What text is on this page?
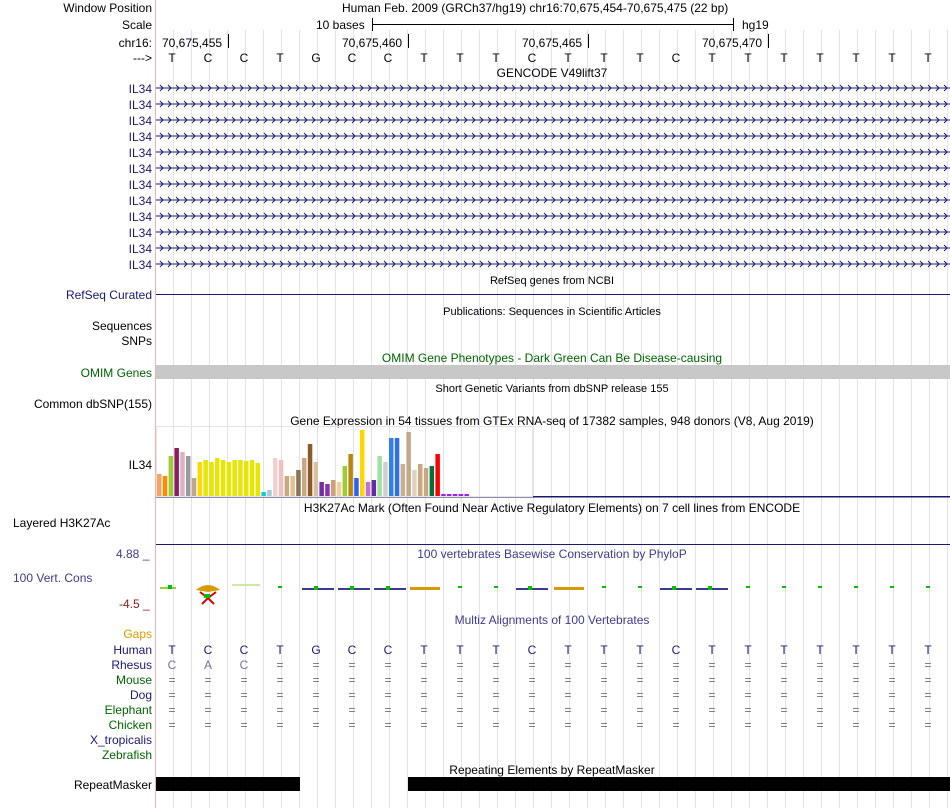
Window Position	Human Feb. 2009 (GRCh37/hg19) chr16:70,675,454-70,675,475 (22 bp)
Scale	10 bases	hg19
chr16: 70,675,455	70,675,460	70,675,465	70,675,470
---> T C C T G C C T T T C T T T C T T T T T T T
GENCODE V49lift37
IL34
IL34
IL34
IL34
IL34
IL34
IL34
IL34
IL34
IL34
IL34
IL34
RefSeq genes from NCBI
RefSeq Curated
Publications: Sequences in Scientific Articles
Sequences
SNPs
OMIM Gene Phenotypes - Dark Green Can Be Disease-causing
OMIM Genes
Short Genetic Variants from dbSNP release 155
Common dbSNP(155)
Gene Expression in 54 tissues from GTEx RNA-seq of 17382 samples, 948 donors (V8, Aug 2019)
IL34
H3K27Ac Mark (Often Found Near Active Regulatory Elements) on 7 cell lines from ENCODE
Layered H3K27Ac
100 vertebrates Basewise Conservation by PhyloP
4.88 _
100 Vert. Cons
-4.5 _
Multiz Alignments of 100 Vertebrates
Gaps
Human T C C T G C C T T T C T T T C T T T T T T T
Rhesus C A C = = = = = = = = = = = = = = = = = = =
Mouse = = = = = = = = = = = = = = = = = = = = = =
Dog = = = = = = = = = = = = = = = = = = = = = =
Elephant = = = = = = = = = = = = = = = = = = = = = =
Chicken = = = = = = = = = = = = = = = = = = = = = =
X_tropicalis
Zebrafish
Repeating Elements by RepeatMasker
RepeatMasker
